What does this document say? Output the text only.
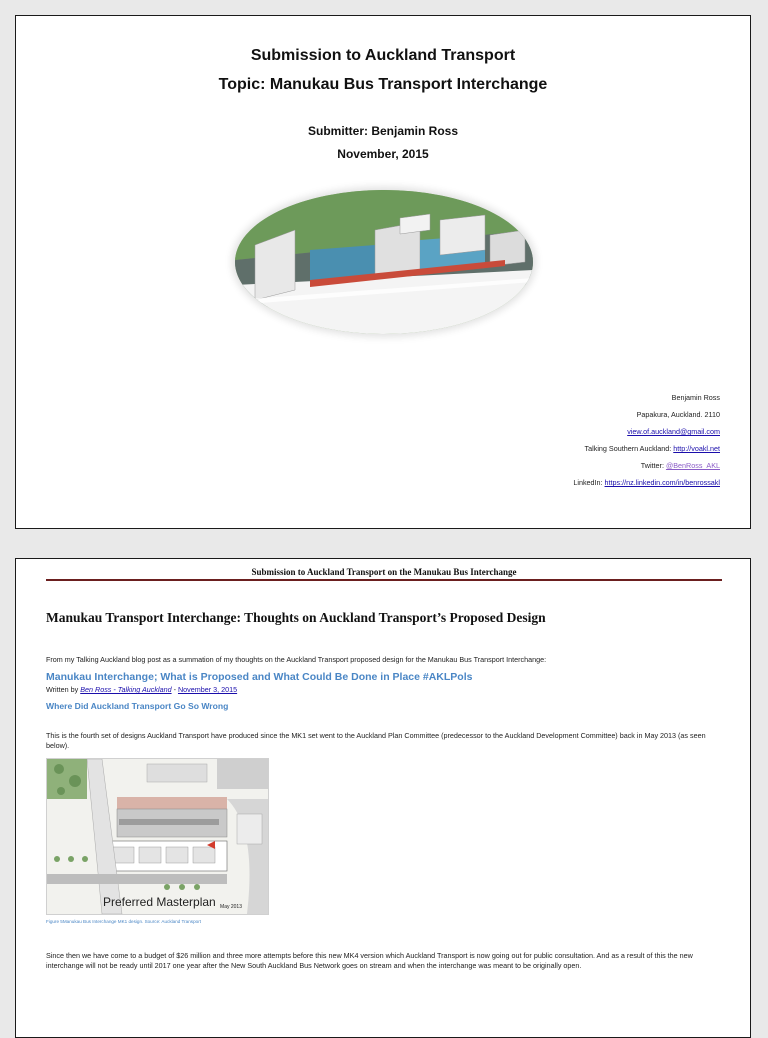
Submission to Auckland Transport
Topic: Manukau Bus Transport Interchange
Submitter: Benjamin Ross
November, 2015
Benjamin Ross
Papakura, Auckland. 2110
view.of.auckland@gmail.com
Talking Southern Auckland: http://voakl.net
Twitter: @BenRoss_AKL
LinkedIn: https://nz.linkedin.com/in/benrossakl
Submission to Auckland Transport on the Manukau Bus Interchange
Manukau Transport Interchange: Thoughts on Auckland Transport’s Proposed Design
From my Talking Auckland blog post as a summation of my thoughts on the Auckland Transport proposed design for the Manukau Bus Transport Interchange:
Manukau Interchange; What is Proposed and What Could Be Done in Place #AKLPols
Written by Ben Ross - Talking Auckland - November 3, 2015
Where Did Auckland Transport Go So Wrong
This is the fourth set of designs Auckland Transport have produced since the MK1 set went to the Auckland Plan Committee (predecessor to the Auckland Development Committee) back in May 2013 (as seen below).
Preferred Masterplan May 2013
Figure 5Manukau Bus Interchange MK1 design. Source: Auckland Transport
Since then we have come to a budget of $26 million and three more attempts before this new MK4 version which Auckland Transport is now going out for public consultation. And as a result of this the new interchange will not be ready until 2017 one year after the New South Auckland Bus Network goes on stream and when the interchange was meant to be originally open.
